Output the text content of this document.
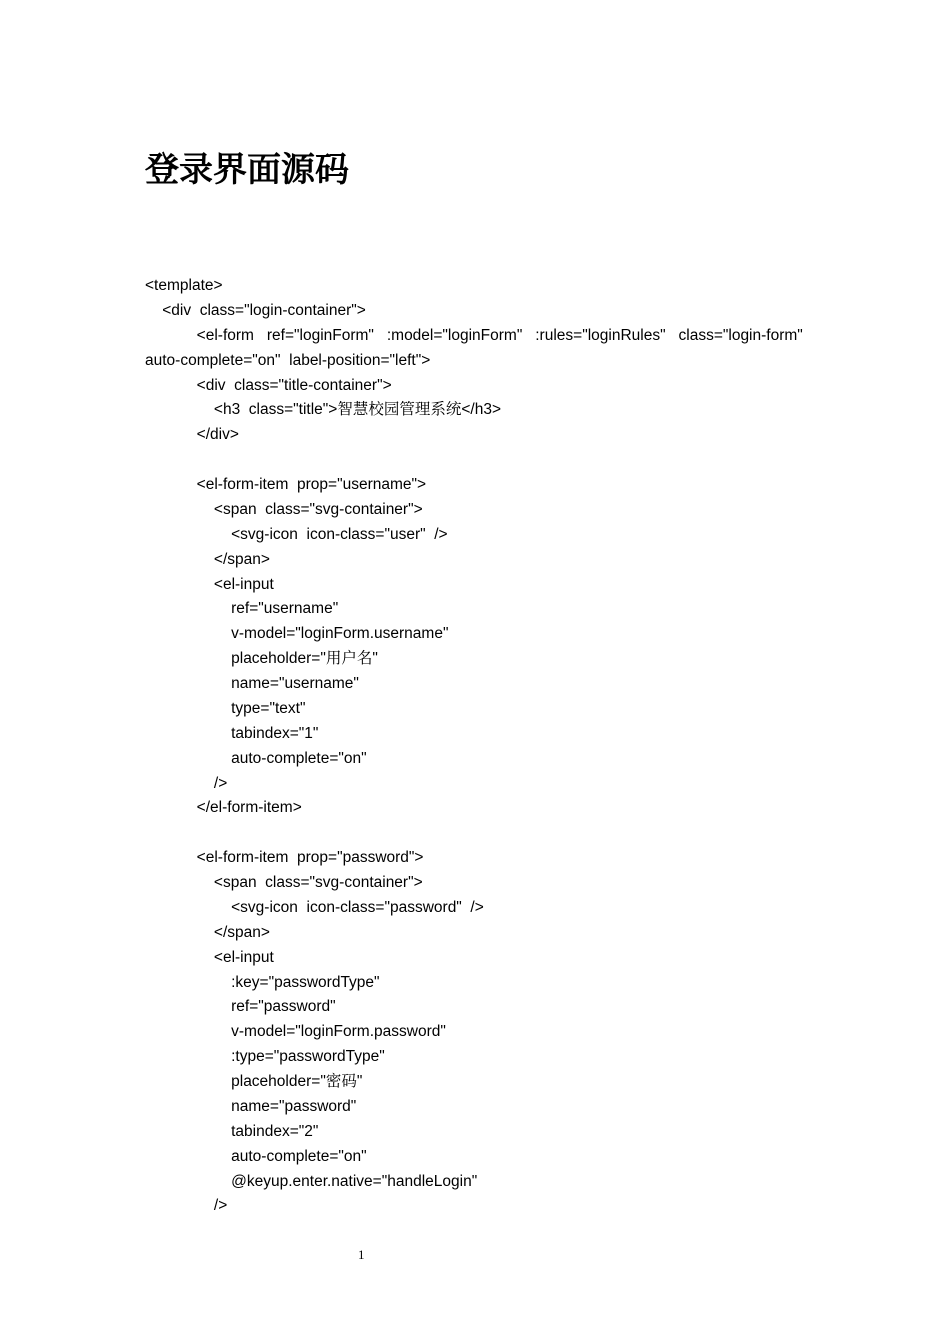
登录界面源码
<template>
<div  class="login-container">
<el-form   ref="loginForm"   :model="loginForm"   :rules="loginRules"   class="login-form"
auto-complete="on"  label-position="left">
<div  class="title-container">
<h3  class="title">智慧校园管理系统</h3>
</div>
<el-form-item  prop="username">
<span  class="svg-container">
<svg-icon  icon-class="user"  />
</span>
<el-input
ref="username"
v-model="loginForm.username"
placeholder="用户名"
name="username"
type="text"
tabindex="1"
auto-complete="on"
/>
</el-form-item>
<el-form-item  prop="password">
<span  class="svg-container">
<svg-icon  icon-class="password"  />
</span>
<el-input
:key="passwordType"
ref="password"
v-model="loginForm.password"
:type="passwordType"
placeholder="密码"
name="password"
tabindex="2"
auto-complete="on"
@keyup.enter.native="handleLogin"
/>
1
